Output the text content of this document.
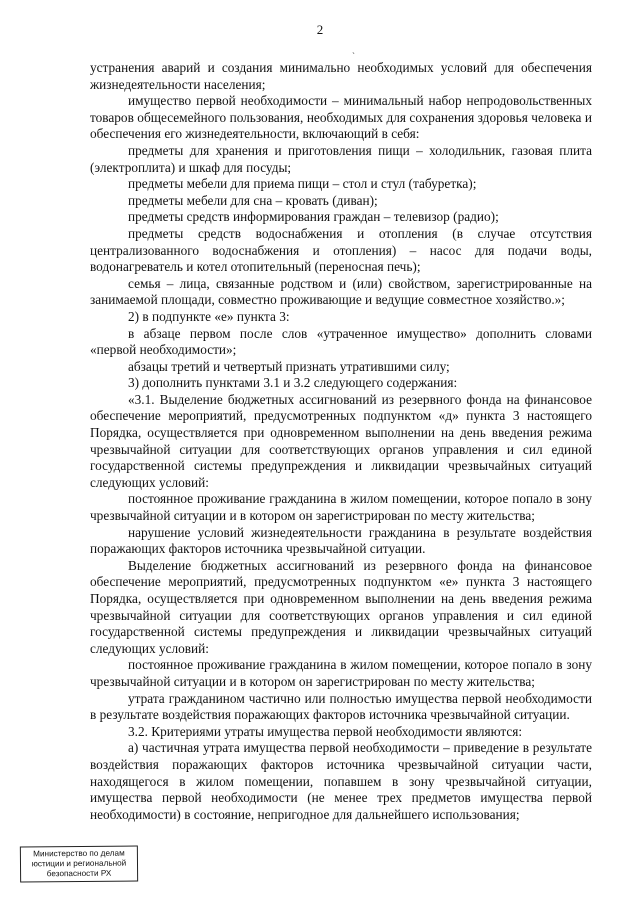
2
ˎ

устранения аварий и создания минимально необходимых условий для обеспечения жизнедеятельности населения;

имущество первой необходимости – минимальный набор непродовольственных товаров общесемейного пользования, необходимых для сохранения здоровья человека и обеспечения его жизнедеятельности, включающий в себя:

предметы для хранения и приготовления пищи – холодильник, газовая плита (электроплита) и шкаф для посуды;

предметы мебели для приема пищи – стол и стул (табуретка);

предметы мебели для сна – кровать (диван);

предметы средств информирования граждан – телевизор (радио);

предметы средств водоснабжения и отопления (в случае отсутствия централизованного водоснабжения и отопления) – насос для подачи воды, водонагреватель и котел отопительный (переносная печь);

семья – лица, связанные родством и (или) свойством, зарегистрированные на занимаемой площади, совместно проживающие и ведущие совместное хозяйство.»;

2) в подпункте «е» пункта 3:

в абзаце первом после слов «утраченное имущество» дополнить словами «первой необходимости»;

абзацы третий и четвертый признать утратившими силу;

3) дополнить пунктами 3.1 и 3.2 следующего содержания:

«3.1. Выделение бюджетных ассигнований из резервного фонда на финансовое обеспечение мероприятий, предусмотренных подпунктом «д» пункта 3 настоящего Порядка, осуществляется при одновременном выполнении на день введения режима чрезвычайной ситуации для соответствующих органов управления и сил единой государственной системы предупреждения и ликвидации чрезвычайных ситуаций следующих условий:

постоянное проживание гражданина в жилом помещении, которое попало в зону чрезвычайной ситуации и в котором он зарегистрирован по месту жительства;

нарушение условий жизнедеятельности гражданина в результате воздействия поражающих факторов источника чрезвычайной ситуации.

Выделение бюджетных ассигнований из резервного фонда на финансовое обеспечение мероприятий, предусмотренных подпунктом «е» пункта 3 настоящего Порядка, осуществляется при одновременном выполнении на день введения режима чрезвычайной ситуации для соответствующих органов управления и сил единой государственной системы предупреждения и ликвидации чрезвычайных ситуаций следующих условий:

постоянное проживание гражданина в жилом помещении, которое попало в зону чрезвычайной ситуации и в котором он зарегистрирован по месту жительства;

утрата гражданином частично или полностью имущества первой необходимости в результате воздействия поражающих факторов источника чрезвычайной ситуации.

3.2. Критериями утраты имущества первой необходимости являются:

а) частичная утрата имущества первой необходимости – приведение в результате воздействия поражающих факторов источника чрезвычайной ситуации части, находящегося в жилом помещении, попавшем в зону чрезвычайной ситуации, имущества первой необходимости (не менее трех предметов имущества первой необходимости) в состояние, непригодное для дальнейшего использования;

Министерство по делам
юстиции и региональной
безопасности РХ
